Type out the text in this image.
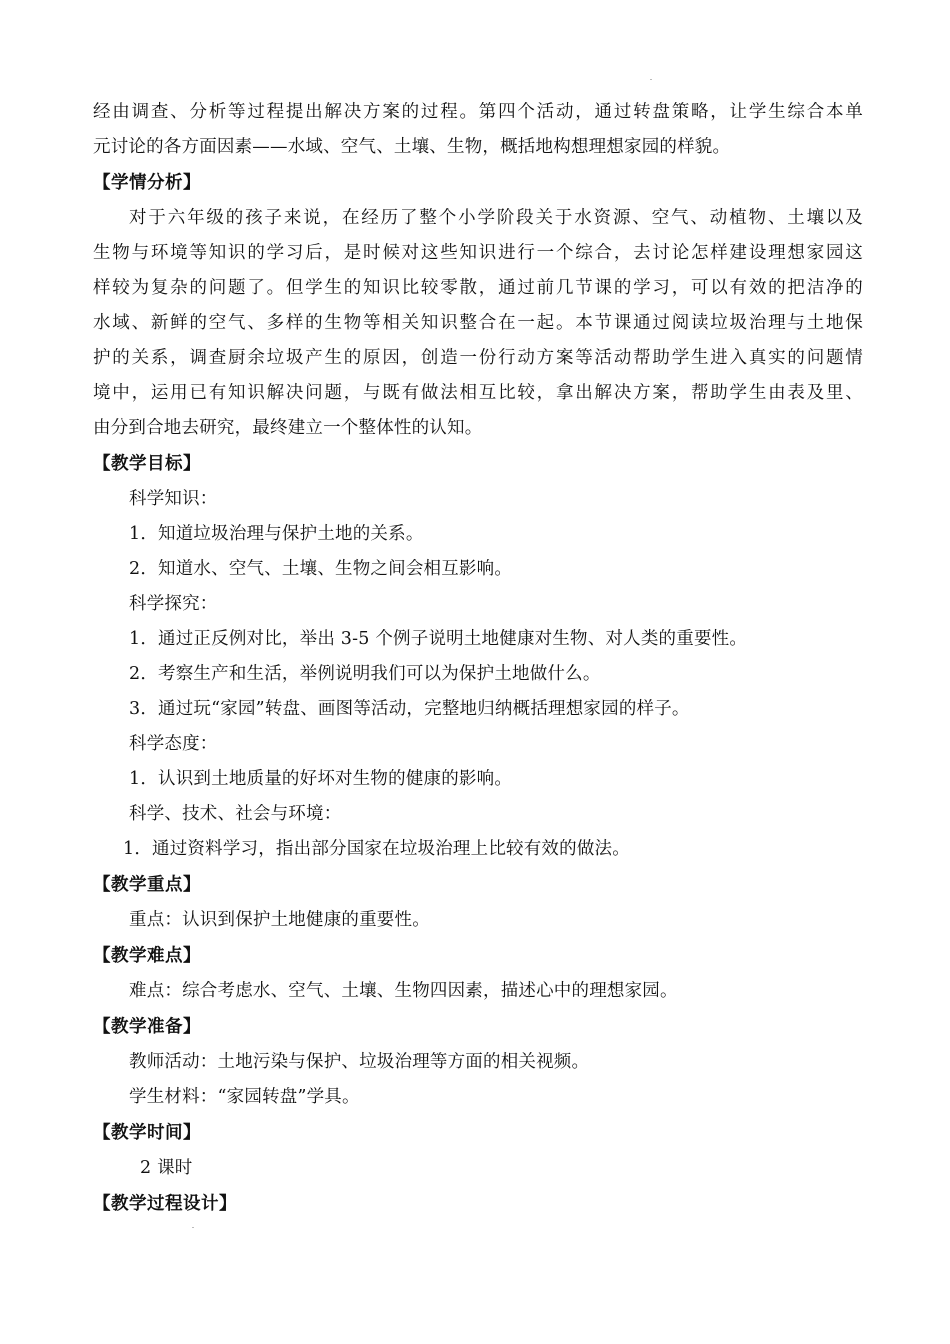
经由调查、分析等过程提出解决方案的过程。第四个活动，通过转盘策略，让学生综合本单
元讨论的各方面因素——水域、空气、土壤、生物，概括地构想理想家园的样貌。
【学情分析】
对于六年级的孩子来说，在经历了整个小学阶段关于水资源、空气、动植物、土壤以及
生物与环境等知识的学习后，是时候对这些知识进行一个综合，去讨论怎样建设理想家园这
样较为复杂的问题了。但学生的知识比较零散，通过前几节课的学习，可以有效的把洁净的
水域、新鲜的空气、多样的生物等相关知识整合在一起。本节课通过阅读垃圾治理与土地保
护的关系，调查厨余垃圾产生的原因，创造一份行动方案等活动帮助学生进入真实的问题情
境中，运用已有知识解决问题，与既有做法相互比较，拿出解决方案，帮助学生由表及里、
由分到合地去研究，最终建立一个整体性的认知。
【教学目标】
科学知识：
1．知道垃圾治理与保护土地的关系。
2．知道水、空气、土壤、生物之间会相互影响。
科学探究：
1．通过正反例对比，举出 3-5 个例子说明土地健康对生物、对人类的重要性。
2．考察生产和生活，举例说明我们可以为保护土地做什么。
3．通过玩“家园”转盘、画图等活动，完整地归纳概括理想家园的样子。
科学态度：
1．认识到土地质量的好坏对生物的健康的影响。
科学、技术、社会与环境：
1．通过资料学习，指出部分国家在垃圾治理上比较有效的做法。
【教学重点】
重点：认识到保护土地健康的重要性。
【教学难点】
难点：综合考虑水、空气、土壤、生物四因素，描述心中的理想家园。
【教学准备】
教师活动：土地污染与保护、垃圾治理等方面的相关视频。
学生材料：“家园转盘”学具。
【教学时间】
2 课时
【教学过程设计】
